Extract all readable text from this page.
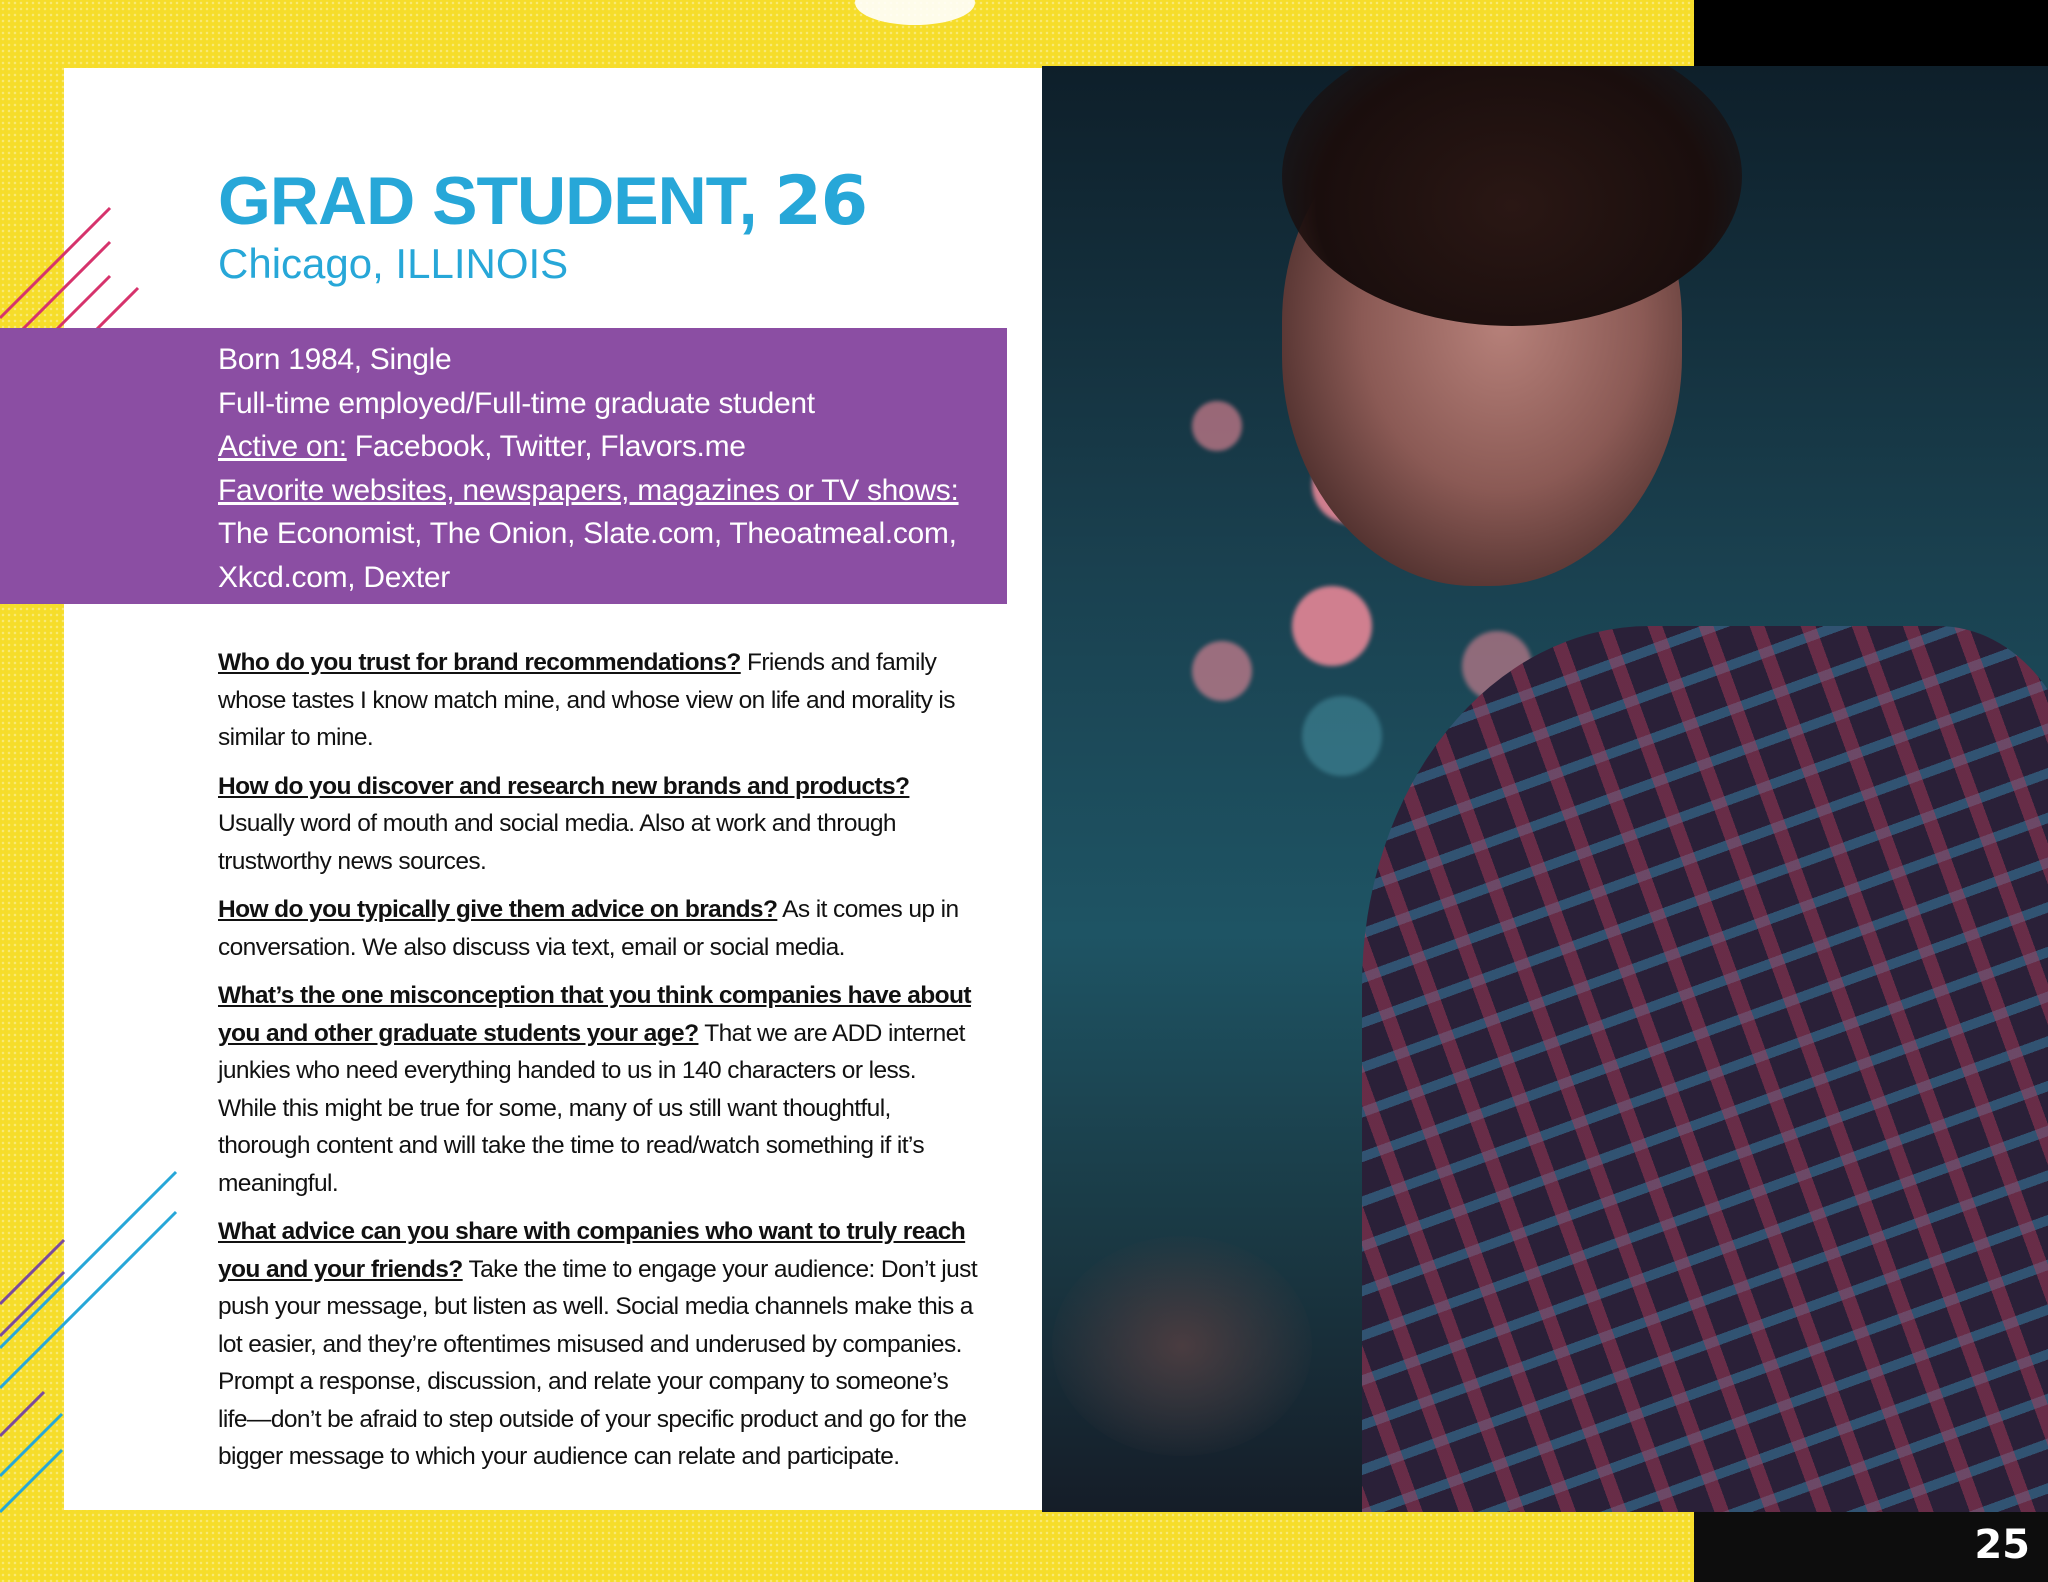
GRAD STUDENT, 26
Chicago, ILLINOIS
Born 1984, Single
Full-time employed/Full-time graduate student
Active on: Facebook, Twitter, Flavors.me
Favorite websites, newspapers, magazines or TV shows:
The Economist, The Onion, Slate.com, Theoatmeal.com,
Xkcd.com, Dexter

Who do you trust for brand recommendations? Friends and family whose tastes I know match mine, and whose view on life and morality is similar to mine.

How do you discover and research new brands and products? Usually word of mouth and social media. Also at work and through trustworthy news sources.

How do you typically give them advice on brands? As it comes up in conversation. We also discuss via text, email or social media.

What’s the one misconception that you think companies have about you and other graduate students your age? That we are ADD internet junkies who need everything handed to us in 140 characters or less. While this might be true for some, many of us still want thoughtful, thorough content and will take the time to read/watch something if it’s meaningful.

What advice can you share with companies who want to truly reach you and your friends? Take the time to engage your audience: Don’t just push your message, but listen as well. Social media channels make this a lot easier, and they’re oftentimes misused and underused by companies. Prompt a response, discussion, and relate your company to someone’s life—don’t be afraid to step outside of your specific product and go for the bigger message to which your audience can relate and participate.

25
